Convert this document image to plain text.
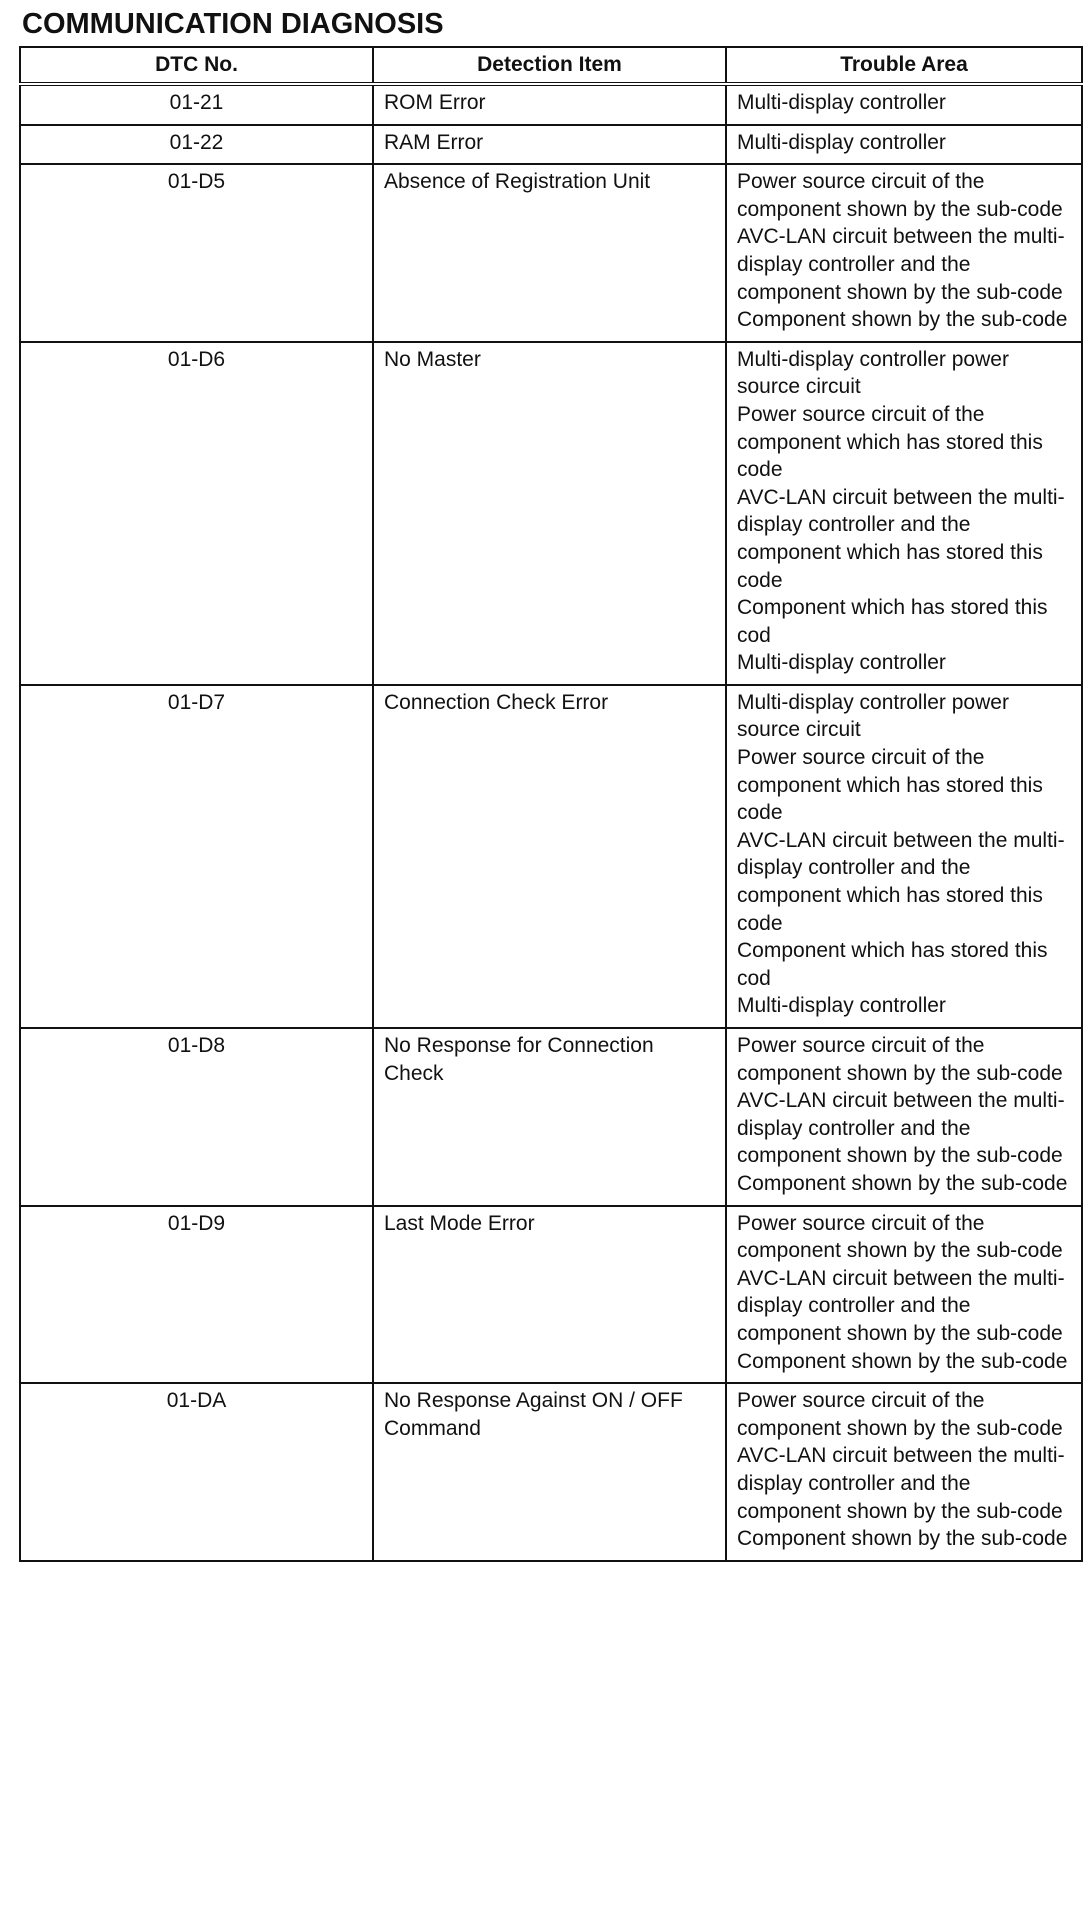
COMMUNICATION DIAGNOSIS
DTC No.	Detection Item	Trouble Area
01-21	ROM Error	Multi-display controller

01-22	RAM Error	Multi-display controller

01-D5	Absence of Registration Unit	Power source circuit of the component shown by the sub-code
AVC-LAN circuit between the multi-display controller and the component shown by the sub-code
Component shown by the sub-code

01-D6	No Master	Multi-display controller power source circuit
Power source circuit of the component which has stored this code
AVC-LAN circuit between the multi-display controller and the component which has stored this code
Component which has stored this cod
Multi-display controller

01-D7	Connection Check Error	Multi-display controller power source circuit
Power source circuit of the component which has stored this code
AVC-LAN circuit between the multi-display controller and the component which has stored this code
Component which has stored this cod
Multi-display controller

01-D8	No Response for Connection Check	Power source circuit of the component shown by the sub-code
AVC-LAN circuit between the multi-display controller and the component shown by the sub-code
Component shown by the sub-code

01-D9	Last Mode Error	Power source circuit of the component shown by the sub-code
AVC-LAN circuit between the multi-display controller and the component shown by the sub-code
Component shown by the sub-code

01-DA	No Response Against ON / OFF Command	Power source circuit of the component shown by the sub-code
AVC-LAN circuit between the multi-display controller and the component shown by the sub-code
Component shown by the sub-code
